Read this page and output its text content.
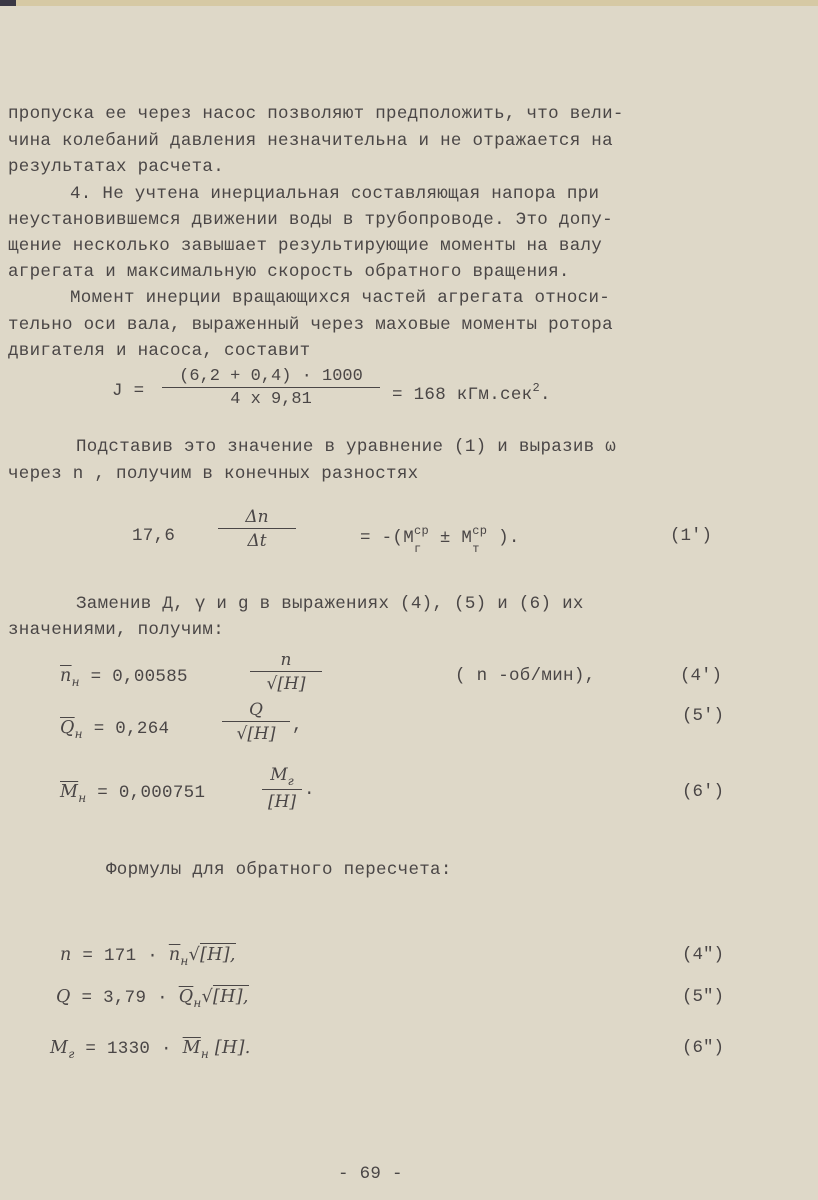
пропуска ее через насос позволяют предположить, что вели-
чина колебаний давления незначительна и не отражается на
результатах расчета.
4. Не учтена инерциальная составляющая напора при
неустановившемся движении воды в трубопроводе. Это допу-
щение несколько завышает результирующие моменты на валу
агрегата и максимальную скорость обратного вращения.
Момент инерции вращающихся частей агрегата относи-
тельно оси вала, выраженный через маховые моменты ротора
двигателя и насоса, составит
$J = \frac{(6,2 + 0,4) \cdot 1000}{4 x 9,81} = 168$ кГм.сек$^2$.
Подставив это значение в уравнение (1) и выразив ω
через n , получим в конечных разностях
17,6	$\frac{\Delta n}{\Delta t}$	= $-(M^{ср}$
г
± $M^{ср}$
т
).	(1′)
Заменив Д, γ и g в выражениях (4), (5) и (6) их
значениями, получим:
$\overline{n}_н = 0,00585$	$\frac{n}{√[H]}$	( n -об/мин),	(4′)
$\overline{Q}_н = 0,264$	$\frac{Q}{√[H]}$ ,	(5′)
$\overline{M}_н = 0,000751$
$M_г$
[H]
.	(6′)
Формулы для обратного пересчета:
$n = 171 \cdot \overline{n}_н√[H]$,	(4″)
$Q = 3,79 \cdot \overline{Q}_н√[H]$,	(5″)
$M_г = 1330 \cdot \overline{M}_н$ [H].	(6″)
- 69 -
